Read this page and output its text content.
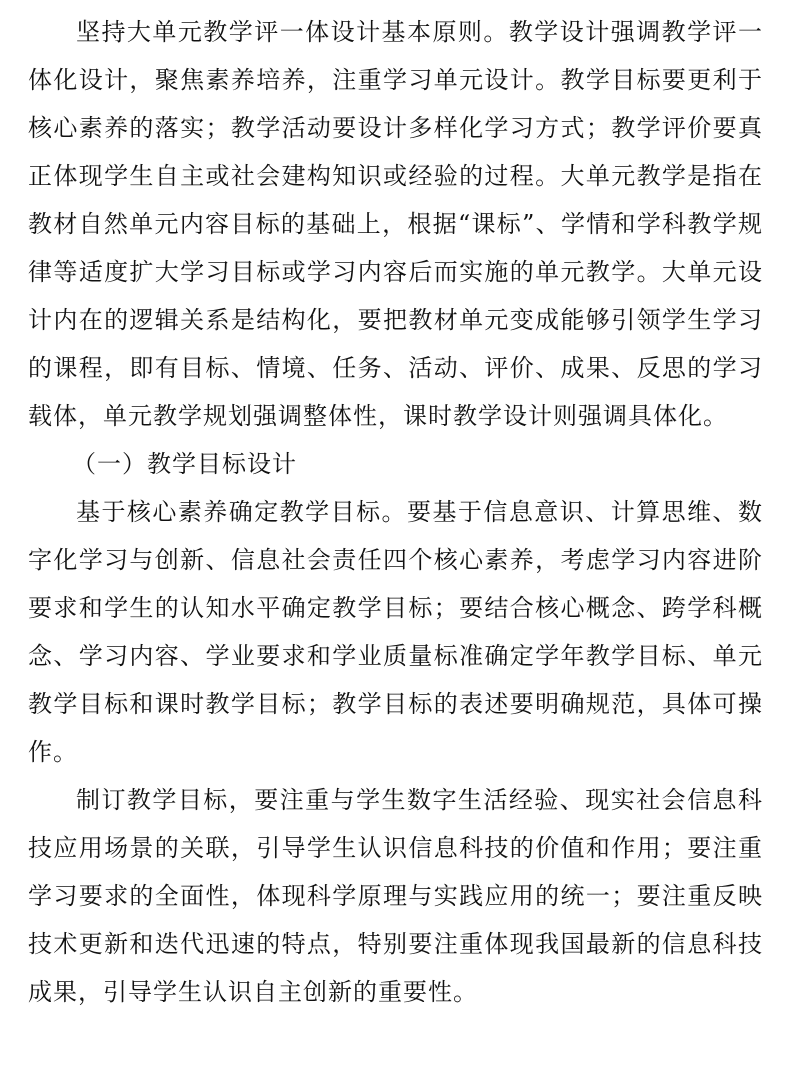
坚持大单元教学评一体设计基本原则。教学设计强调教学评一体化设计，聚焦素养培养，注重学习单元设计。教学目标要更利于核心素养的落实；教学活动要设计多样化学习方式；教学评价要真正体现学生自主或社会建构知识或经验的过程。大单元教学是指在教材自然单元内容目标的基础上，根据“课标”、学情和学科教学规律等适度扩大学习目标或学习内容后而实施的单元教学。大单元设计内在的逻辑关系是结构化，要把教材单元变成能够引领学生学习的课程，即有目标、情境、任务、活动、评价、成果、反思的学习载体，单元教学规划强调整体性，课时教学设计则强调具体化。

（一）教学目标设计

基于核心素养确定教学目标。要基于信息意识、计算思维、数字化学习与创新、信息社会责任四个核心素养，考虑学习内容进阶要求和学生的认知水平确定教学目标；要结合核心概念、跨学科概念、学习内容、学业要求和学业质量标准确定学年教学目标、单元教学目标和课时教学目标；教学目标的表述要明确规范，具体可操作。

制订教学目标，要注重与学生数字生活经验、现实社会信息科技应用场景的关联，引导学生认识信息科技的价值和作用；要注重学习要求的全面性，体现科学原理与实践应用的统一；要注重反映技术更新和迭代迅速的特点，特别要注重体现我国最新的信息科技成果，引导学生认识自主创新的重要性。
